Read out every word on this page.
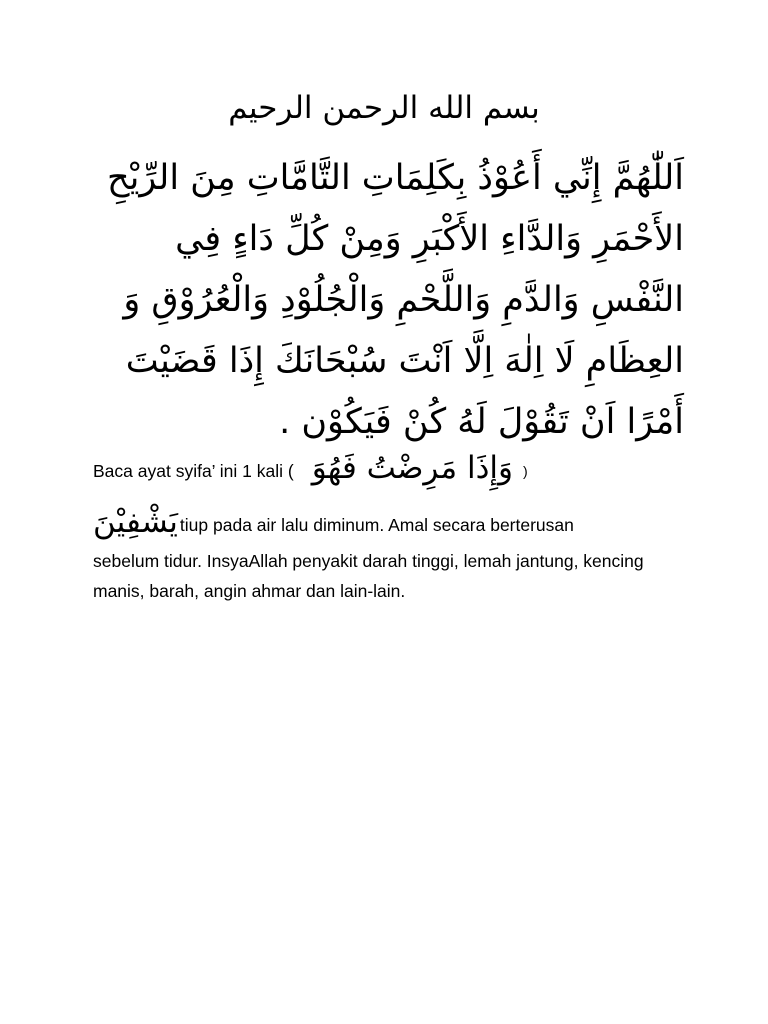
بسم الله الرحمن الرحيم
اَللّٰهُمَّ إِنِّي أَعُوْذُ بِكَلِمَاتِ التَّامَّاتِ مِنَ الرِّيْحِ
الأَحْمَرِ وَالدَّاءِ الأَكْبَرِ وَمِنْ كُلِّ دَاءٍ فِي
النَّفْسِ وَالدَّمِ وَاللَّحْمِ وَالْجُلُوْدِ وَالْعُرُوْقِ وَ
العِظَامِ لَا اِلٰهَ اِلَّا اَنْتَ سُبْحَانَكَ إِذَا قَضَيْتَ
أَمْرًا اَنْ تَقُوْلَ لَهُ كُنْ فَيَكُوْن .
Baca ayat syifa’ ini 1 kali ( وَإِذَا مَرِضْتُ فَهُوَ )
يَشْفِيْنَ tiup pada air lalu diminum. Amal secara berterusan
sebelum tidur. InsyaAllah penyakit darah tinggi, lemah jantung, kencing manis, barah, angin ahmar dan lain-lain.
